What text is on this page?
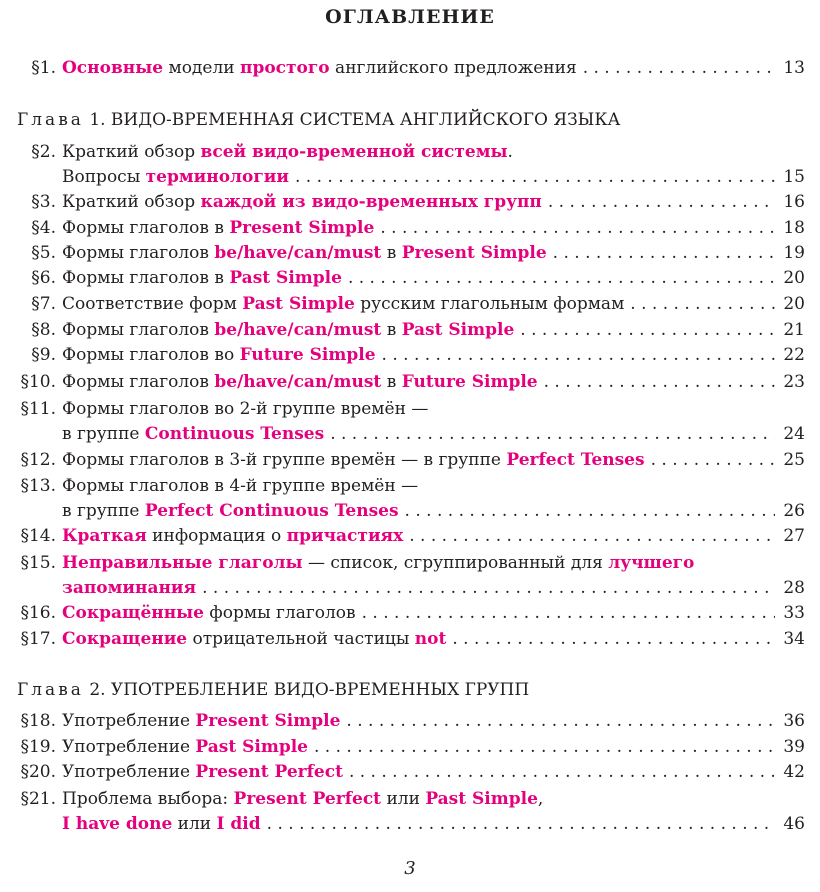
ОГЛАВЛЕНИЕ
Глава 1. ВИДО-ВРЕМЕННАЯ СИСТЕМА АНГЛИЙСКОГО ЯЗЫКА
Глава 2. УПОТРЕБЛЕНИЕ ВИДО-ВРЕМЕННЫХ ГРУПП
§1. Основные модели простого английского предложения	13
. . .
§2. Краткий обзор всей видо-временной системы.
Вопросы терминологии	15
. . .
§3. Краткий обзор каждой из видо-временных групп	16
. . .
§4. Формы глаголов в Present Simple	18
. . .
§5. Формы глаголов be/have/can/must в Present Simple	19
. . .
§6. Формы глаголов в Past Simple	20
. . .
§7. Соответствие форм Past Simple русским глагольным формам	20
. . .
§8. Формы глаголов be/have/can/must в Past Simple	21
. . .
§9. Формы глаголов во Future Simple	22
. . .
§10. Формы глаголов be/have/can/must в Future Simple	23
. . .
§11. Формы глаголов во 2-й группе времён —
в группе Continuous Tenses	24
. . .
§12. Формы глаголов в 3-й группе времён — в группе Perfect Tenses	25
. . .
§13. Формы глаголов в 4-й группе времён —
в группе Perfect Continuous Tenses	26
. . .
§14. Краткая информация о причастиях	27
. . .
§15. Неправильные глаголы — список, сгруппированный для лучшего
запоминания	28
. . .
§16. Сокращённые формы глаголов	33
. . .
§17. Сокращение отрицательной частицы not	34
. . .
§18. Употребление Present Simple	36
. . .
§19. Употребление Past Simple	39
. . .
§20. Употребление Present Perfect	42
. . .
§21. Проблема выбора: Present Perfect или Past Simple,
I have done или I did	46
. . .
3
